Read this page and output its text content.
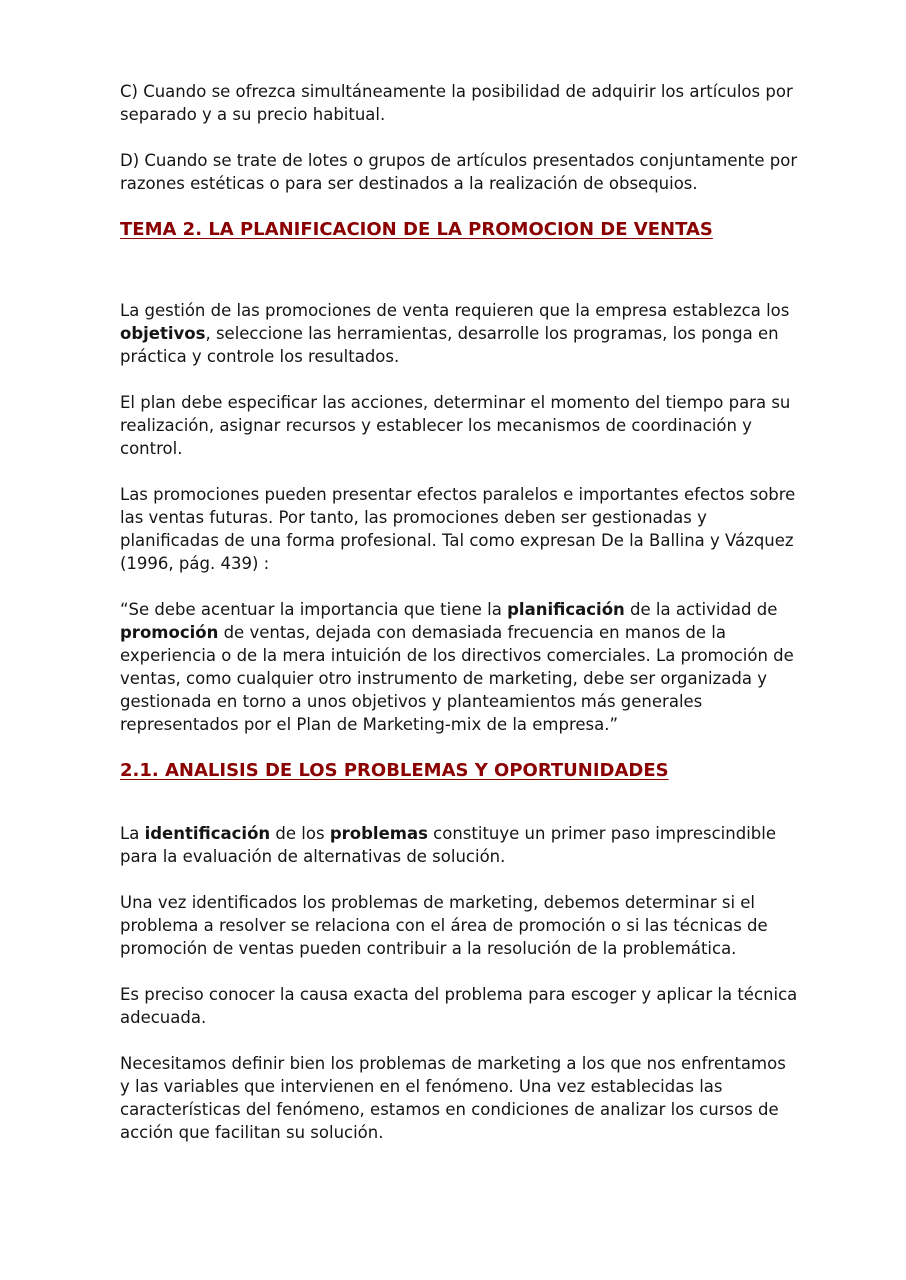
C) Cuando se ofrezca simultáneamente la posibilidad de adquirir los artículos por separado y a su precio habitual.

D) Cuando se trate de lotes o grupos de artículos presentados conjuntamente por razones estéticas o para ser destinados a la realización de obsequios.

TEMA 2. LA PLANIFICACION DE LA PROMOCION DE VENTAS

La gestión de las promociones de venta requieren que la empresa establezca los objetivos, seleccione las herramientas, desarrolle los programas, los ponga en práctica y controle los resultados.

El plan debe especificar las acciones, determinar el momento del tiempo para su realización, asignar recursos y establecer los mecanismos de coordinación y control.

Las promociones pueden presentar efectos paralelos e importantes efectos sobre las ventas futuras. Por tanto, las promociones deben ser gestionadas y planificadas de una forma profesional. Tal como expresan De la Ballina y Vázquez (1996, pág. 439) :

“Se debe acentuar la importancia que tiene la planificación de la actividad de promoción de ventas, dejada con demasiada frecuencia en manos de la experiencia o de la mera intuición de los directivos comerciales. La promoción de ventas, como cualquier otro instrumento de marketing, debe ser organizada y gestionada en torno a unos objetivos y planteamientos más generales representados por el Plan de Marketing-mix de la empresa.”

2.1. ANALISIS DE LOS PROBLEMAS Y OPORTUNIDADES

La identificación de los problemas constituye un primer paso imprescindible para la evaluación de alternativas de solución.

Una vez identificados los problemas de marketing, debemos determinar si el problema a resolver se relaciona con el área de promoción o si las técnicas de promoción de ventas pueden contribuir a la resolución de la problemática.

Es preciso conocer la causa exacta del problema para escoger y aplicar la técnica adecuada.

Necesitamos definir bien los problemas de marketing a los que nos enfrentamos y las variables que intervienen en el fenómeno. Una vez establecidas las características del fenómeno, estamos en condiciones de analizar los cursos de acción que facilitan su solución.
